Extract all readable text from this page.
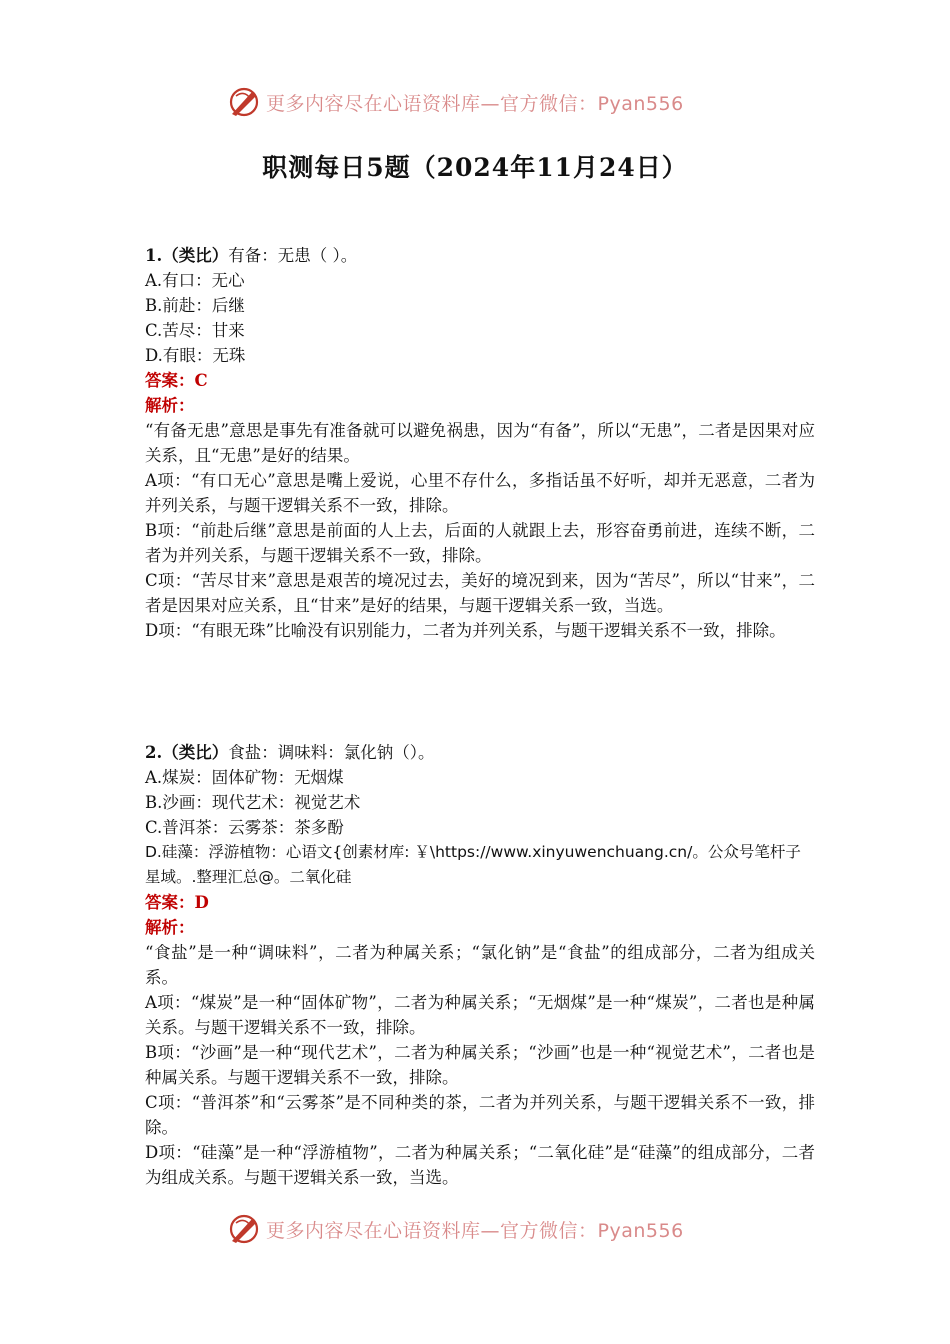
更多内容尽在心语资料库—官方微信：Pyan556
职测每日5题（2024年11月24日）

1.（类比）有备：无患（ ）。

A.有口：无心

B.前赴：后继

C.苦尽：甘来

D.有眼：无珠

答案：C

解析：

“有备无患”意思是事先有准备就可以避免祸患，因为“有备”，所以“无患”，二者是因果对应关系，且“无患”是好的结果。

A项：“有口无心”意思是嘴上爱说，心里不存什么，多指话虽不好听，却并无恶意，二者为并列关系，与题干逻辑关系不一致，排除。

B项：“前赴后继”意思是前面的人上去，后面的人就跟上去，形容奋勇前进，连续不断，二者为并列关系，与题干逻辑关系不一致，排除。

C项：“苦尽甘来”意思是艰苦的境况过去，美好的境况到来，因为“苦尽”，所以“甘来”，二者是因果对应关系，且“甘来”是好的结果，与题干逻辑关系一致，当选。

D项：“有眼无珠”比喻没有识别能力，二者为并列关系，与题干逻辑关系不一致，排除。

2.（类比）食盐：调味料：氯化钠（）。

A.煤炭：固体矿物：无烟煤

B.沙画：现代艺术：视觉艺术

C.普洱茶：云雾茶：茶多酚

D.硅藻：浮游植物：心语文{创素材库: ￥\https://www.xinyuwenchuang.cn/。公众号笔杆子星域。.整理汇总@。二氧化硅

答案：D

解析：

“食盐”是一种“调味料”，二者为种属关系；“氯化钠”是“食盐”的组成部分，二者为组成关系。

A项：“煤炭”是一种“固体矿物”，二者为种属关系；“无烟煤”是一种“煤炭”，二者也是种属关系。与题干逻辑关系不一致，排除。

B项：“沙画”是一种“现代艺术”，二者为种属关系；“沙画”也是一种“视觉艺术”，二者也是种属关系。与题干逻辑关系不一致，排除。

C项：“普洱茶”和“云雾茶”是不同种类的茶，二者为并列关系，与题干逻辑关系不一致，排除。

D项：“硅藻”是一种“浮游植物”，二者为种属关系；“二氧化硅”是“硅藻”的组成部分，二者为组成关系。与题干逻辑关系一致，当选。

更多内容尽在心语资料库—官方微信：Pyan556
